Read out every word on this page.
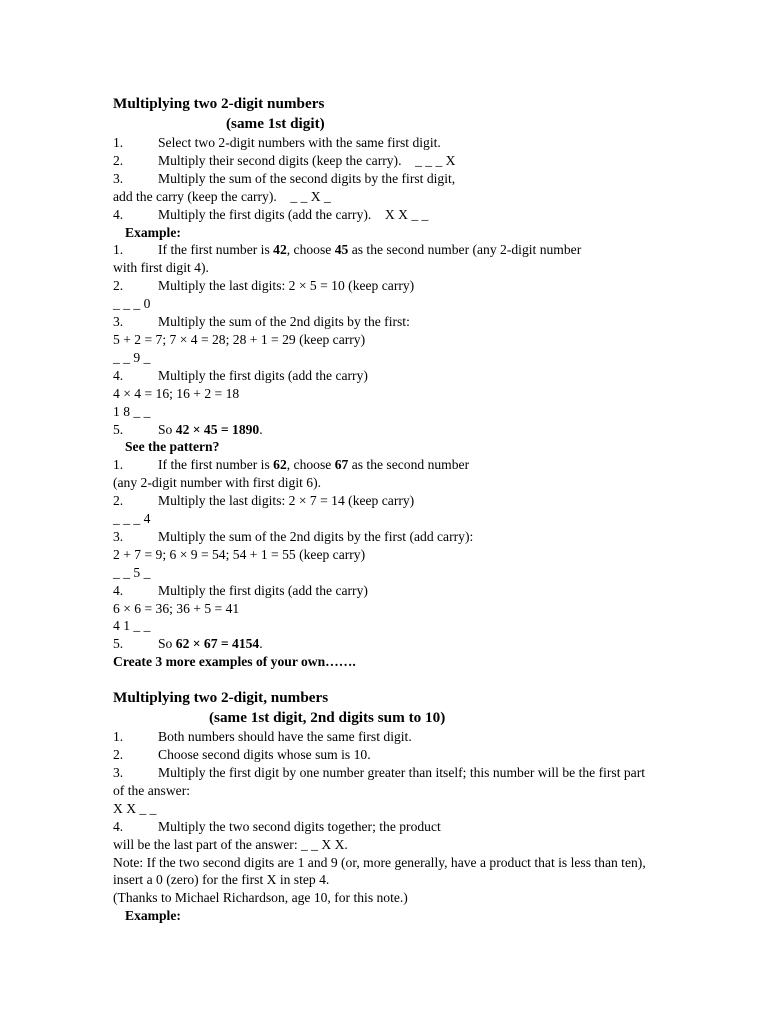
Multiplying two 2-digit numbers
(same 1st digit)
1.	Select two 2-digit numbers with the same first digit.
2.	Multiply their second digits (keep the carry).    _ _ _ X
3.	Multiply the sum of the second digits by the first digit,
add the carry (keep the carry).    _ _ X _
4.	Multiply the first digits (add the carry).    X X _ _
Example:
1.	If the first number is 42, choose 45 as the second number (any 2-digit number
with first digit 4).
2.	Multiply the last digits: 2 × 5 = 10 (keep carry)
_ _ _ 0
3.	Multiply the sum of the 2nd digits by the first:
5 + 2 = 7; 7 × 4 = 28; 28 + 1 = 29 (keep carry)
_ _ 9 _
4.	Multiply the first digits (add the carry)
4 × 4 = 16; 16 + 2 = 18
1 8 _ _
5.	So 42 × 45 = 1890.
See the pattern?
1.	If the first number is 62, choose 67 as the second number
(any 2-digit number with first digit 6).
2.	Multiply the last digits: 2 × 7 = 14 (keep carry)
_ _ _ 4
3.	Multiply the sum of the 2nd digits by the first (add carry):
2 + 7 = 9; 6 × 9 = 54; 54 + 1 = 55 (keep carry)
_ _ 5 _
4.	Multiply the first digits (add the carry)
6 × 6 = 36; 36 + 5 = 41
4 1 _ _
5.	So 62 × 67 = 4154.
Create 3 more examples of your own…….
Multiplying two 2-digit, numbers
(same 1st digit, 2nd digits sum to 10)
1.	Both numbers should have the same first digit.
2.	Choose second digits whose sum is 10.
3.	Multiply the first digit by one number greater than itself; this number will be the first part of the answer:
X X _ _
4.	Multiply the two second digits together; the product
will be the last part of the answer: _ _ X X.
Note: If the two second digits are 1 and 9 (or, more generally, have a product that is less than ten), insert a 0 (zero) for the first X in step 4.
(Thanks to Michael Richardson, age 10, for this note.)
Example:
